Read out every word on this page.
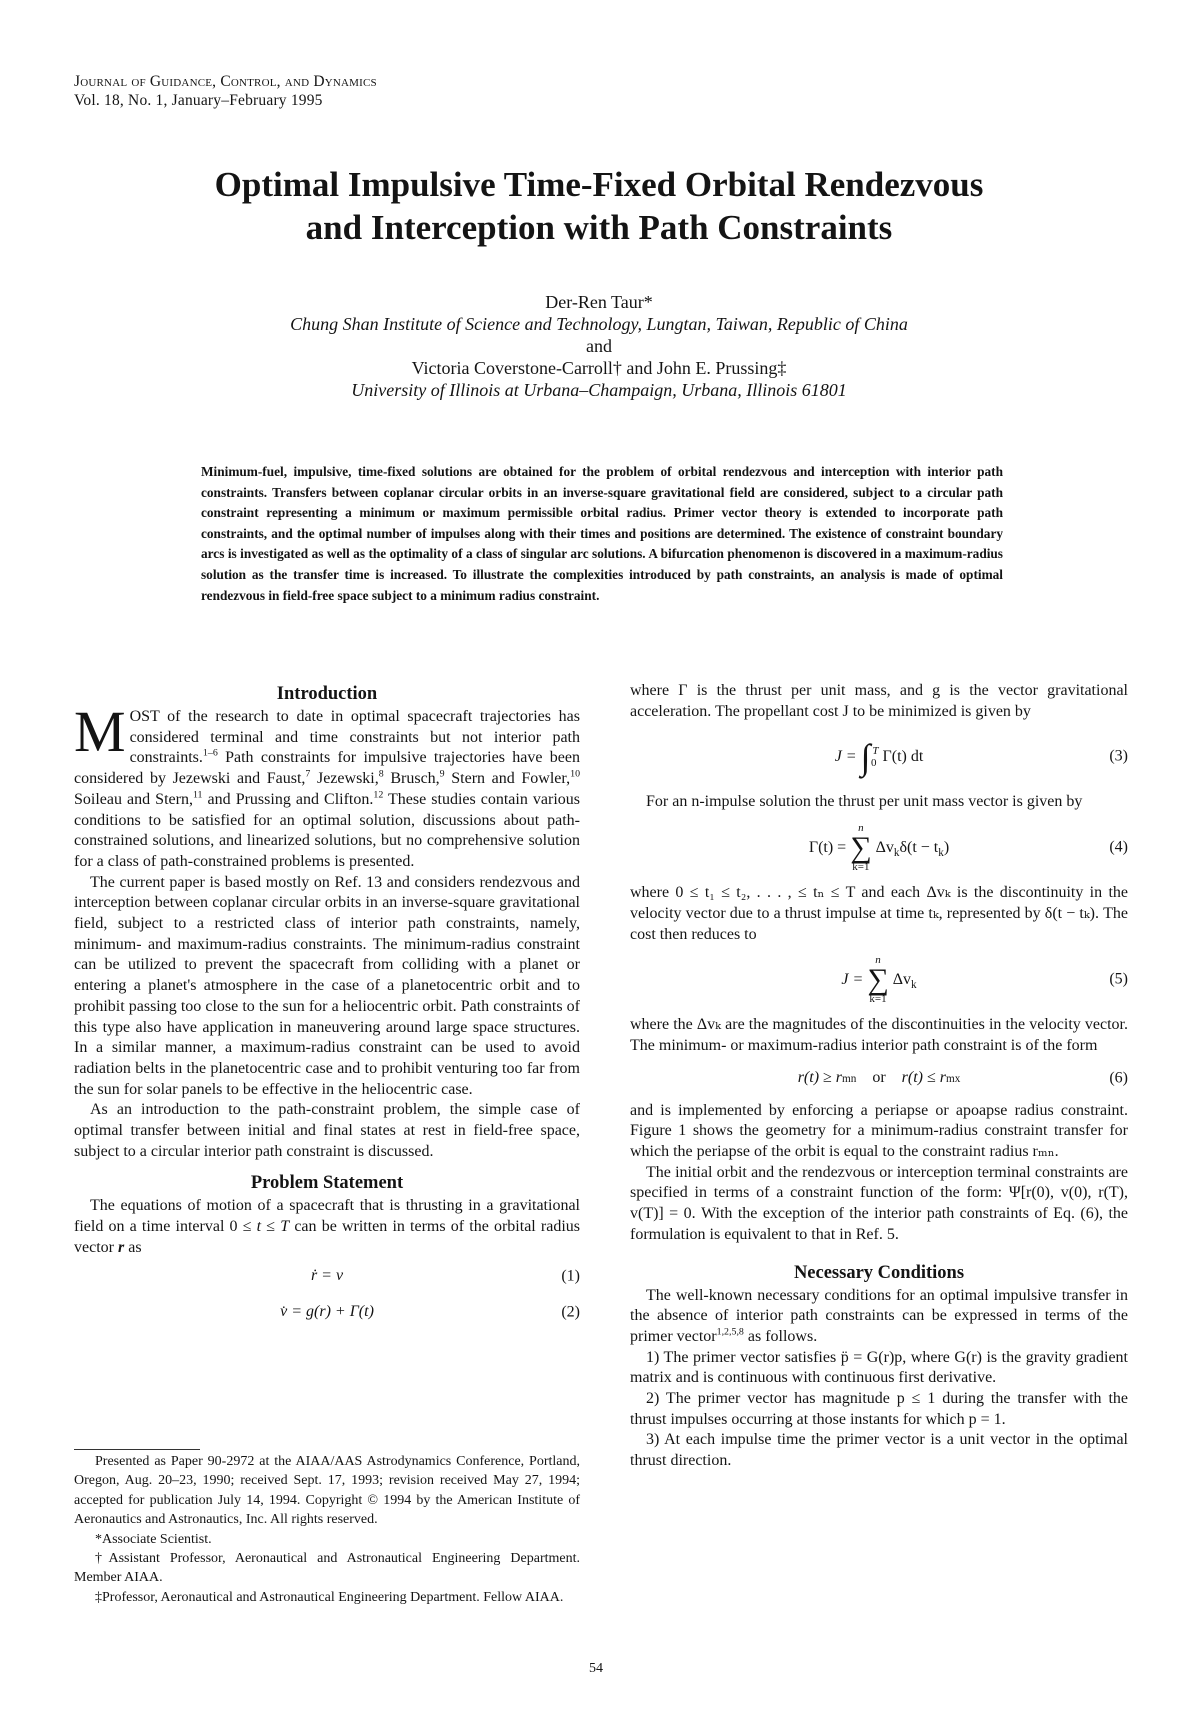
Journal of Guidance, Control, and Dynamics
Vol. 18, No. 1, January–February 1995
Optimal Impulsive Time-Fixed Orbital Rendezvous
and Interception with Path Constraints
Der-Ren Taur*
Chung Shan Institute of Science and Technology, Lungtan, Taiwan, Republic of China
and
Victoria Coverstone-Carroll† and John E. Prussing‡
University of Illinois at Urbana–Champaign, Urbana, Illinois 61801
Minimum-fuel, impulsive, time-fixed solutions are obtained for the problem of orbital rendezvous and interception with interior path constraints. Transfers between coplanar circular orbits in an inverse-square gravitational field are considered, subject to a circular path constraint representing a minimum or maximum permissible orbital radius. Primer vector theory is extended to incorporate path constraints, and the optimal number of impulses along with their times and positions are determined. The existence of constraint boundary arcs is investigated as well as the optimality of a class of singular arc solutions. A bifurcation phenomenon is discovered in a maximum-radius solution as the transfer time is increased. To illustrate the complexities introduced by path constraints, an analysis is made of optimal rendezvous in field-free space subject to a minimum radius constraint.
Introduction

MOST of the research to date in optimal spacecraft trajectories has considered terminal and time constraints but not interior path constraints.$^{1-6}$ Path constraints for impulsive trajectories have been considered by Jezewski and Faust,$^7$ Jezewski,$^8$ Brusch,$^9$ Stern and Fowler,$^{10}$ Soileau and Stern,$^{11}$ and Prussing and Clifton.$^{12}$ These studies contain various conditions to be satisfied for an optimal solution, discussions about path-constrained solutions, and linearized solutions, but no comprehensive solution for a class of path-constrained problems is presented.

The current paper is based mostly on Ref. 13 and considers rendezvous and interception between coplanar circular orbits in an inverse-square gravitational field, subject to a restricted class of interior path constraints, namely, minimum- and maximum-radius constraints. The minimum-radius constraint can be utilized to prevent the spacecraft from colliding with a planet or entering a planet's atmosphere in the case of a planetocentric orbit and to prohibit passing too close to the sun for a heliocentric orbit. Path constraints of this type also have application in maneuvering around large space structures. In a similar manner, a maximum-radius constraint can be used to avoid radiation belts in the planetocentric case and to prohibit venturing too far from the sun for solar panels to be effective in the heliocentric case.

As an introduction to the path-constraint problem, the simple case of optimal transfer between initial and final states at rest in field-free space, subject to a circular interior path constraint is discussed.

Problem Statement

The equations of motion of a spacecraft that is thrusting in a gravitational field on a time interval 0 ≤ t ≤ T can be written in terms of the orbital radius vector r as

ṙ = v	(1)
v̇ = g(r) + Γ(t)	(2)

Presented as Paper 90-2972 at the AIAA/AAS Astrodynamics Conference, Portland, Oregon, Aug. 20–23, 1990; received Sept. 17, 1993; revision received May 27, 1994; accepted for publication July 14, 1994. Copyright © 1994 by the American Institute of Aeronautics and Astronautics, Inc. All rights reserved.

*Associate Scientist.

†Assistant Professor, Aeronautical and Astronautical Engineering Department. Member AIAA.

‡Professor, Aeronautical and Astronautical Engineering Department. Fellow AIAA.

where Γ is the thrust per unit mass, and g is the vector gravitational acceleration. The propellant cost J to be minimized is given by

J = ∫ T
0 Γ(t) dt	(3)

For an n-impulse solution the thrust per unit mass vector is given by

Γ(t) =
n
∑
k=1
$\Delta v_k\delta(t - t_k)$	(4)

where 0 ≤ t₁ ≤ t₂, . . . , ≤ tₙ ≤ T and each Δvₖ is the discontinuity in the velocity vector due to a thrust impulse at time tₖ, represented by δ(t − tₖ). The cost then reduces to

J =
n
∑
k=1
$\Delta v_k$	(5)

where the Δvₖ are the magnitudes of the discontinuities in the velocity vector. The minimum- or maximum-radius interior path constraint is of the form

r(t) ≥ r mn or r(t) ≤ r mx	(6)

and is implemented by enforcing a periapse or apoapse radius constraint. Figure 1 shows the geometry for a minimum-radius constraint transfer for which the periapse of the orbit is equal to the constraint radius rₘₙ.

The initial orbit and the rendezvous or interception terminal constraints are specified in terms of a constraint function of the form: Ψ[r(0), v(0), r(T), v(T)] = 0. With the exception of the interior path constraints of Eq. (6), the formulation is equivalent to that in Ref. 5.

Necessary Conditions

The well-known necessary conditions for an optimal impulsive transfer in the absence of interior path constraints can be expressed in terms of the primer vector$^{1,2,5,8}$ as follows.

1) The primer vector satisfies p̈ = G(r)p, where G(r) is the gravity gradient matrix and is continuous with continuous first derivative.

2) The primer vector has magnitude p ≤ 1 during the transfer with the thrust impulses occurring at those instants for which p = 1.

3) At each impulse time the primer vector is a unit vector in the optimal thrust direction.

54
